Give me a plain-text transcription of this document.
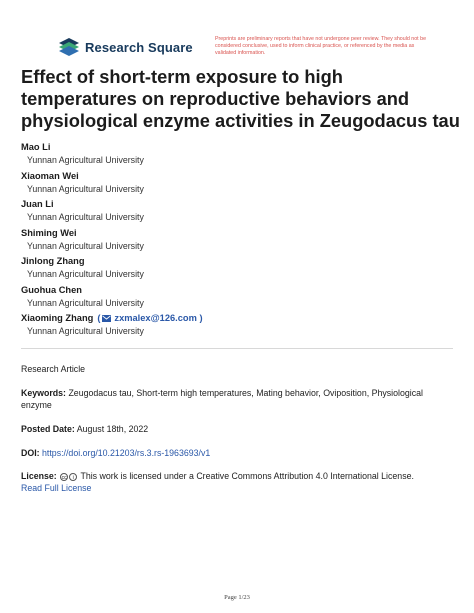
Research Square
Preprints are preliminary reports that have not undergone peer review. They should not be considered conclusive, used to inform clinical practice, or referenced by the media as validated information.
Effect of short-term exposure to high temperatures on reproductive behaviors and physiological enzyme activities in Zeugodacus tau
Mao Li
Yunnan Agricultural University
Xiaoman Wei
Yunnan Agricultural University
Juan Li
Yunnan Agricultural University
Shiming Wei
Yunnan Agricultural University
Jinlong Zhang
Yunnan Agricultural University
Guohua Chen
Yunnan Agricultural University
Xiaoming Zhang ( zxmalex@126.com )
Yunnan Agricultural University
Research Article
Keywords: Zeugodacus tau, Short-term high temperatures, Mating behavior, Oviposition, Physiological enzyme
Posted Date: August 18th, 2022
DOI: https://doi.org/10.21203/rs.3.rs-1963693/v1
License: cc	i This work is licensed under a Creative Commons Attribution 4.0 International License.
Read Full License
Page 1/23
